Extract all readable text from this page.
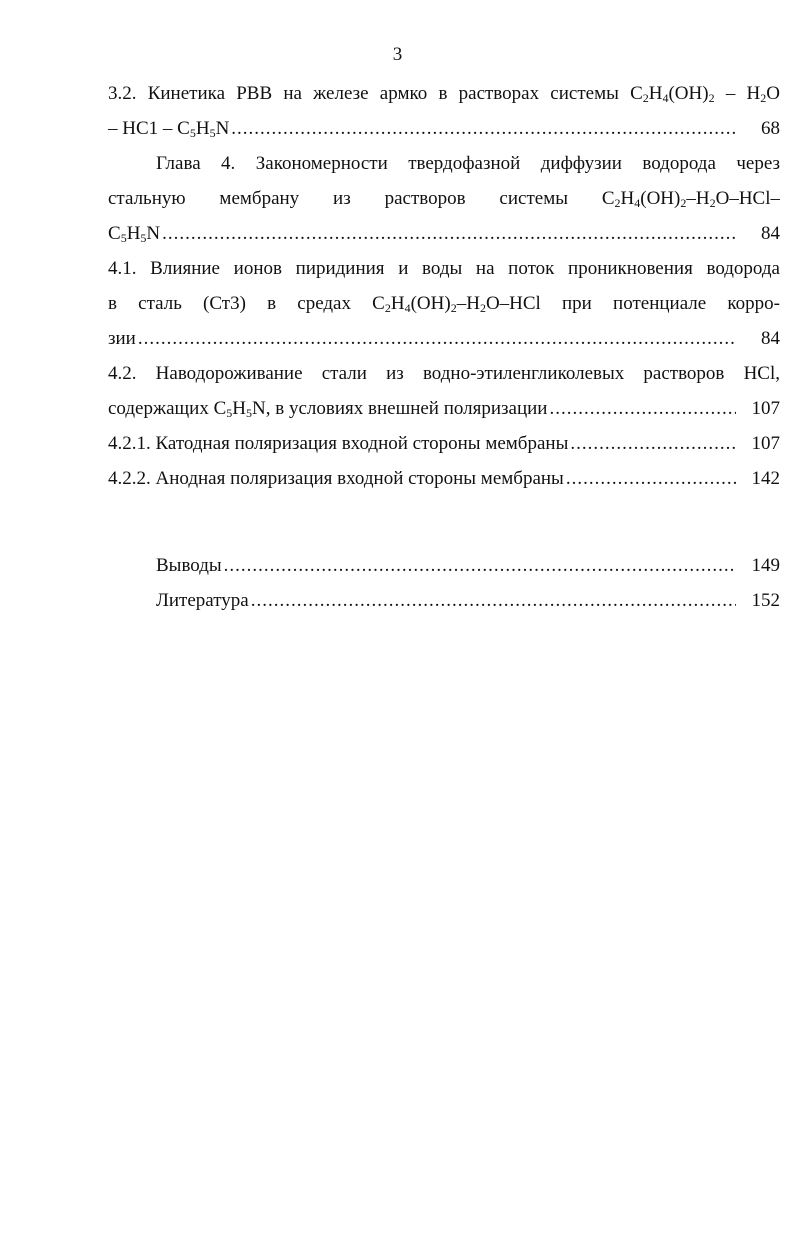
3
3.2. Кинетика РВВ на железе армко в растворах системы $C_2H_4(OH)_2 - H_2O$
– $HC1 - C_5H_5N$ .....	68
Глава 4. Закономерности твердофазной диффузии водорода через
стальную мембрану из растворов системы $C_2H_4(OH)_2-H_2O-HCl-$
$C_5H_5N$ .....	84
4.1. Влияние ионов пиридиния и воды на поток проникновения водорода
в сталь (Ст3) в средах $C_2H_4(OH)_2-H_2O$–HCl при потенциале корро-
зии .....	84
4.2. Наводороживание стали из водно-этиленгликолевых растворов HCl,
содержащих $C_5H_5N$, в условиях внешней поляризации .....	107
4.2.1. Катодная поляризация входной стороны мембраны .....	107
4.2.2. Анодная поляризация входной стороны мембраны .....	142
Выводы .....	149
Литература .....	152
